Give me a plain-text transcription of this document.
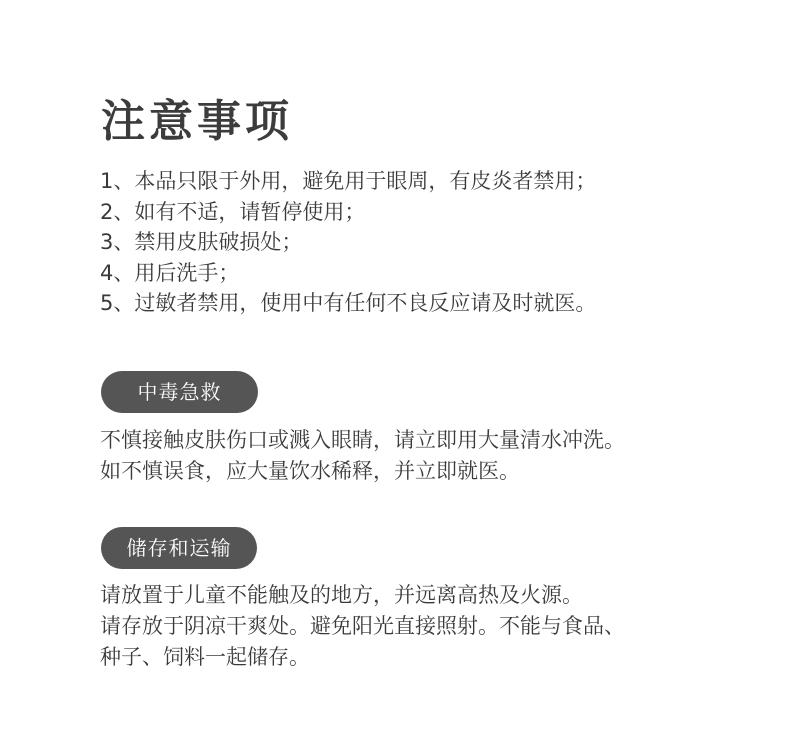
注意事项
1、本品只限于外用，避免用于眼周，有皮炎者禁用；
2、如有不适，请暂停使用；
3、禁用皮肤破损处；
4、用后洗手；
5、过敏者禁用，使用中有任何不良反应请及时就医。
中毒急救
不慎接触皮肤伤口或溅入眼睛，请立即用大量清水冲洗。
如不慎误食，应大量饮水稀释，并立即就医。
储存和运输
请放置于儿童不能触及的地方，并远离高热及火源。
请存放于阴凉干爽处。避免阳光直接照射。不能与食品、
种子、饲料一起储存。
